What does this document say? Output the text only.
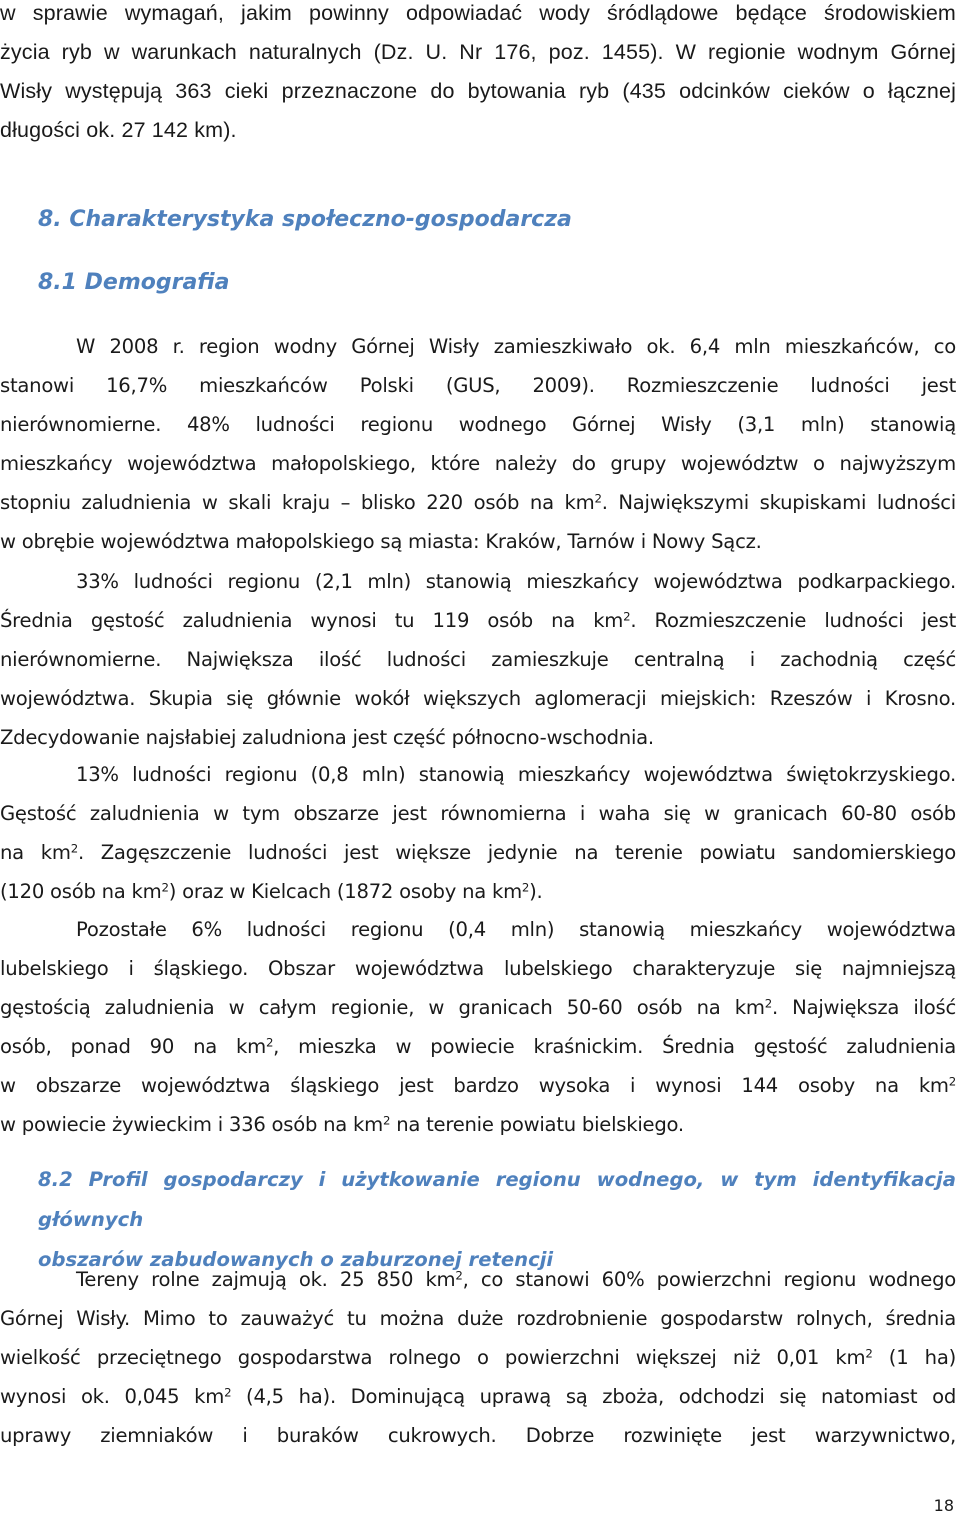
w sprawie wymagań, jakim powinny odpowiadać wody śródlądowe będące środowiskiem
życia ryb w warunkach naturalnych (Dz. U. Nr 176, poz. 1455). W regionie wodnym Górnej
Wisły występują 363 cieki przeznaczone do bytowania ryb (435 odcinków cieków o łącznej
długości ok. 27 142 km).
8. Charakterystyka społeczno-gospodarcza
8.1 Demografia
W 2008 r. region wodny Górnej Wisły zamieszkiwało ok. 6,4 mln mieszkańców, co
stanowi 16,7% mieszkańców Polski (GUS, 2009). Rozmieszczenie ludności jest
nierównomierne. 48% ludności regionu wodnego Górnej Wisły (3,1 mln) stanowią
mieszkańcy województwa małopolskiego, które należy do grupy województw o najwyższym
stopniu zaludnienia w skali kraju – blisko 220 osób na $km^2$. Największymi skupiskami ludności
w obrębie województwa małopolskiego są miasta: Kraków, Tarnów i Nowy Sącz.
33% ludności regionu (2,1 mln) stanowią mieszkańcy województwa podkarpackiego.
Średnia gęstość zaludnienia wynosi tu 119 osób na $km^2$. Rozmieszczenie ludności jest
nierównomierne. Największa ilość ludności zamieszkuje centralną i zachodnią część
województwa. Skupia się głównie wokół większych aglomeracji miejskich: Rzeszów i Krosno.
Zdecydowanie najsłabiej zaludniona jest część północno-wschodnia.
13% ludności regionu (0,8 mln) stanowią mieszkańcy województwa świętokrzyskiego.
Gęstość zaludnienia w tym obszarze jest równomierna i waha się w granicach 60-80 osób
na $km^2$. Zagęszczenie ludności jest większe jedynie na terenie powiatu sandomierskiego
(120 osób na $km^2$) oraz w Kielcach (1872 osoby na $km^2$).
Pozostałe 6% ludności regionu (0,4 mln) stanowią mieszkańcy województwa
lubelskiego i śląskiego. Obszar województwa lubelskiego charakteryzuje się najmniejszą
gęstością zaludnienia w całym regionie, w granicach 50-60 osób na $km^2$. Największa ilość
osób, ponad 90 na $km^2$, mieszka w powiecie kraśnickim. Średnia gęstość zaludnienia
w obszarze województwa śląskiego jest bardzo wysoka i wynosi 144 osoby na $km^2$
w powiecie żywieckim i 336 osób na $km^2$ na terenie powiatu bielskiego.
8.2 Profil gospodarczy i użytkowanie regionu wodnego, w tym identyfikacja głównych
obszarów zabudowanych o zaburzonej retencji
Tereny rolne zajmują ok. 25 850 $km^2$, co stanowi 60% powierzchni regionu wodnego
Górnej Wisły. Mimo to zauważyć tu można duże rozdrobnienie gospodarstw rolnych, średnia
wielkość przeciętnego gospodarstwa rolnego o powierzchni większej niż 0,01 $km^2$ (1 ha)
wynosi ok. 0,045 $km^2$ (4,5 ha). Dominującą uprawą są zboża, odchodzi się natomiast od
uprawy ziemniaków i buraków cukrowych. Dobrze rozwinięte jest warzywnictwo,
18
